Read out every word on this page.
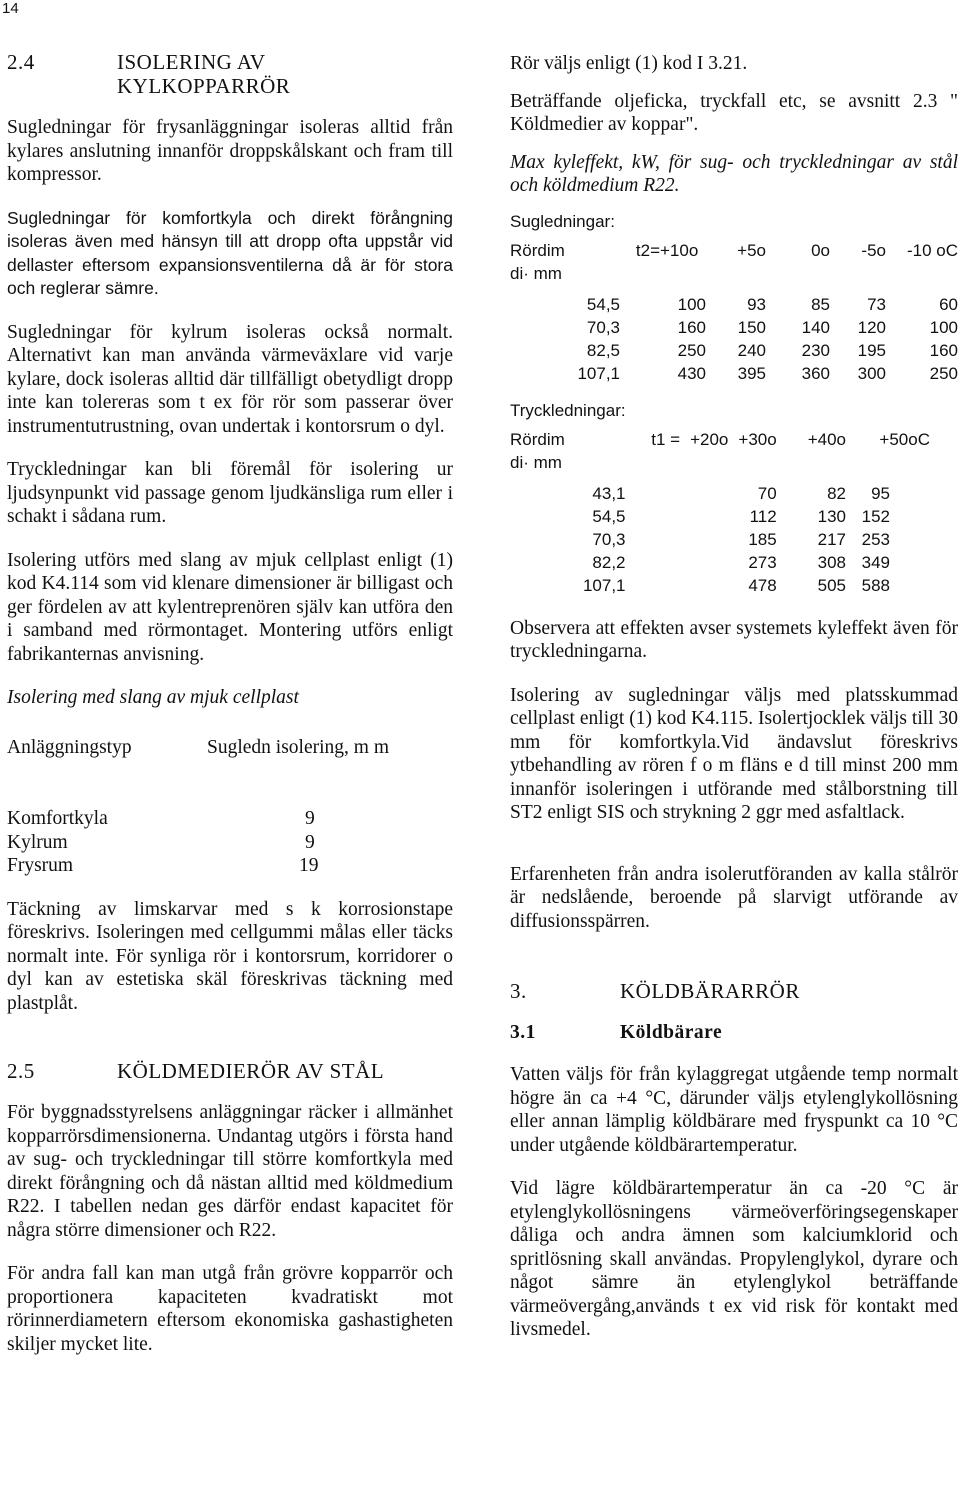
14
2.4	ISOLERING AV
KYLKOPPARRÖR

Sugledningar för frysanläggningar isoleras alltid från kylares anslutning innanför droppskålskant och fram till kompressor.

Sugledningar för komfortkyla och direkt förångning isoleras även med hänsyn till att dropp ofta uppstår vid dellaster eftersom expansionsventilerna då är för stora och reglerar sämre.

Sugledningar för kylrum isoleras också normalt. Alternativt kan man använda värmeväxlare vid varje kylare, dock isoleras alltid där tillfälligt obetydligt dropp inte kan tolereras som t ex för rör som passerar över instrumentutrustning, ovan undertak i kontorsrum o dyl.

Tryckledningar kan bli föremål för isolering ur ljudsynpunkt vid passage genom ljudkänsliga rum eller i schakt i sådana rum.

Isolering utförs med slang av mjuk cellplast enligt (1) kod K4.114 som vid klenare dimensioner är billigast och ger fördelen av att kylentreprenören själv kan utföra den i samband med rörmontaget. Montering utförs enligt fabrikanternas anvisning.

Isolering med slang av mjuk cellplast

Anläggningstyp	Sugledn isolering, m m

Komfortkyla	9
Kylrum	9
Frysrum	19

Täckning av limskarvar med s k korrosionstape föreskrivs. Isoleringen med cellgummi målas eller täcks normalt inte. För synliga rör i kontorsrum, korridorer o dyl kan av estetiska skäl föreskrivas täckning med plastplåt.

2.5	KÖLDMEDIERÖR AV STÅL

För byggnadsstyrelsens anläggningar räcker i allmänhet kopparrörsdimensionerna. Undantag utgörs i första hand av sug- och tryckledningar till större komfortkyla med direkt förångning och då nästan alltid med köldmedium R22. I tabellen nedan ges därför endast kapacitet för några större dimensioner och R22.

För andra fall kan man utgå från grövre kopparrör och proportionera kapaciteten kvadratiskt mot rörinnerdiametern eftersom ekonomiska gashastigheten skiljer mycket lite.

Rör väljs enligt (1) kod I 3.21.

Beträffande oljeficka, tryckfall etc, se avsnitt 2.3 " Köldmedier av koppar".

Max kyleffekt, kW, för sug- och tryckledningar av stål och köldmedium R22.

Sugledningar:
Rördim	t2=	+10o	+5o	0o	-5o	-10 oC
di· mm						

54,5		100	93	85	73	60
70,3		160	150	140	120	100
82,5		250	240	230	195	160
107,1		430	395	360	300	250
Tryckledningar:
Rördim	t1 =	+20o	+30o	+40o	+50oC
di· mm					

43,1		70		82	95
54,5		112		130	152
70,3		185		217	253
82,2		273		308	349
107,1		478		505	588

Observera att effekten avser systemets kyleffekt även för tryckledningarna.

Isolering av sugledningar väljs med platsskummad cellplast enligt (1) kod K4.115. Isolertjocklek väljs till 30 mm för komfortkyla.Vid ändavslut föreskrivs ytbehandling av rören f o m fläns e d till minst 200 mm innanför isoleringen i utförande med stålborstning till ST2 enligt SIS och strykning 2 ggr med asfaltlack.

Erfarenheten från andra isolerutföranden av kalla stålrör är nedslående, beroende på slarvigt utförande av diffusionsspärren.

3.	KÖLDBÄRARRÖR
3.1	Köldbärare

Vatten väljs för från kylaggregat utgående temp normalt högre än ca +4 °C, därunder väljs etylenglykollösning eller annan lämplig köldbärare med fryspunkt ca 10 °C under utgående köldbärartemperatur.

Vid lägre köldbärartemperatur än ca -20 °C är etylenglykollösningens värmeöverföringsegenskaper dåliga och andra ämnen som kalciumklorid och spritlösning skall användas. Propylenglykol, dyrare och något sämre än etylenglykol beträffande värmeövergång,används t ex vid risk för kontakt med livsmedel.
